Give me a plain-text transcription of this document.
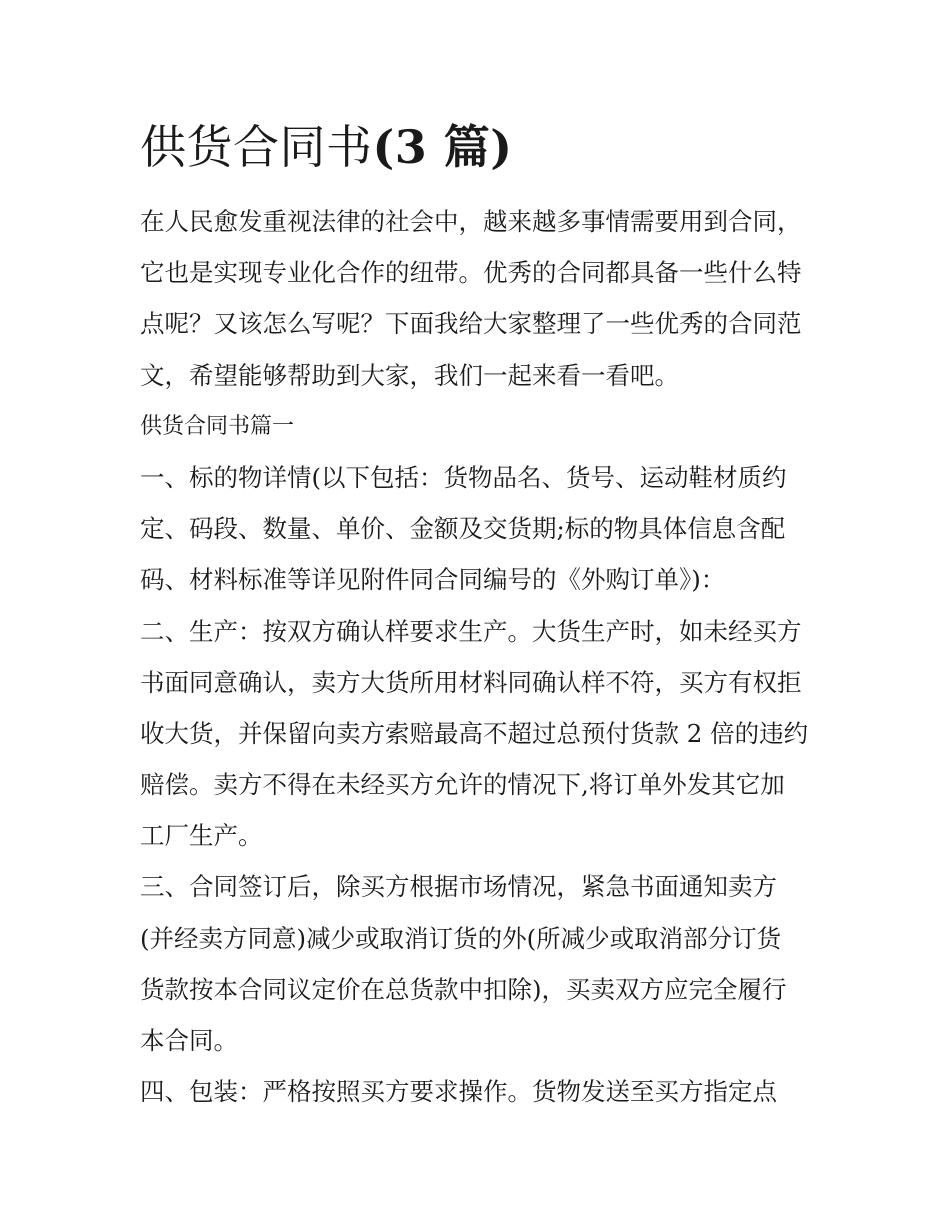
供货合同书(3 篇)

在人民愈发重视法律的社会中，越来越多事情需要用到合同，

它也是实现专业化合作的纽带。优秀的合同都具备一些什么特

点呢？又该怎么写呢？下面我给大家整理了一些优秀的合同范

文，希望能够帮助到大家，我们一起来看一看吧。

供货合同书篇一

一、标的物详情(以下包括：货物品名、货号、运动鞋材质约

定、码段、数量、单价、金额及交货期;标的物具体信息含配

码、材料标准等详见附件同合同编号的《外购订单》)：

二、生产：按双方确认样要求生产。大货生产时，如未经买方

书面同意确认，卖方大货所用材料同确认样不符，买方有权拒

收大货，并保留向卖方索赔最高不超过总预付货款 2 倍的违约

赔偿。卖方不得在未经买方允许的情况下,将订单外发其它加

工厂生产。

三、合同签订后，除买方根据市场情况，紧急书面通知卖方

(并经卖方同意)减少或取消订货的外(所减少或取消部分订货

货款按本合同议定价在总货款中扣除)，买卖双方应完全履行

本合同。

四、包装：严格按照买方要求操作。货物发送至买方指定点
